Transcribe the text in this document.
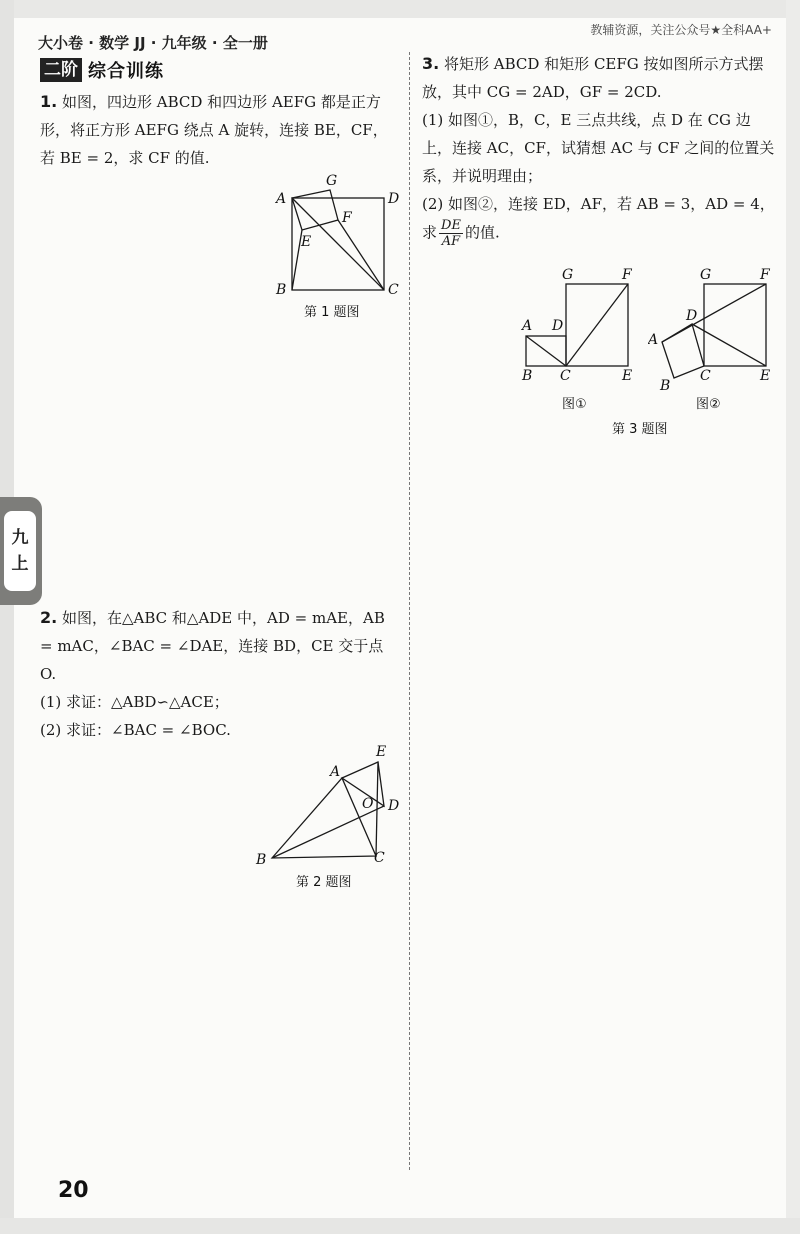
大小卷 · 数学 JJ · 九年级 · 全一册
教辅资源，关注公众号★全科AA+
二阶 综合训练

1. 如图，四边形 ABCD 和四边形 AEFG 都是正方形，将正方形 AEFG 绕点 A 旋转，连接 BE，CF，若 BE = 2，求 CF 的值.

A
G
D
F
E
B	C
第 1 题图

2. 如图，在△ABC 和△ADE 中，AD = mAE，AB = mAC，∠BAC = ∠DAE，连接 BD，CE 交于点 O.

(1) 求证：△ABD∽△ACE；

(2) 求证：∠BAC = ∠BOC.

E
A
O D
B	C
第 2 题图

3. 将矩形 ABCD 和矩形 CEFG 按如图所示方式摆放，其中 CG = 2AD，GF = 2CD.

(1) 如图①，B，C，E 三点共线，点 D 在 CG 边上，连接 AC，CF，试猜想 AC 与 CF 之间的位置关系，并说明理由；

(2) 如图②，连接 ED，AF，若 AB = 3，AD = 4，求 $\frac{DE}{AF}$ 的值.

G	F
A D
B C	E
图①
G	F
D
A
B
C	E
图②
第 3 题图
九
上
20
